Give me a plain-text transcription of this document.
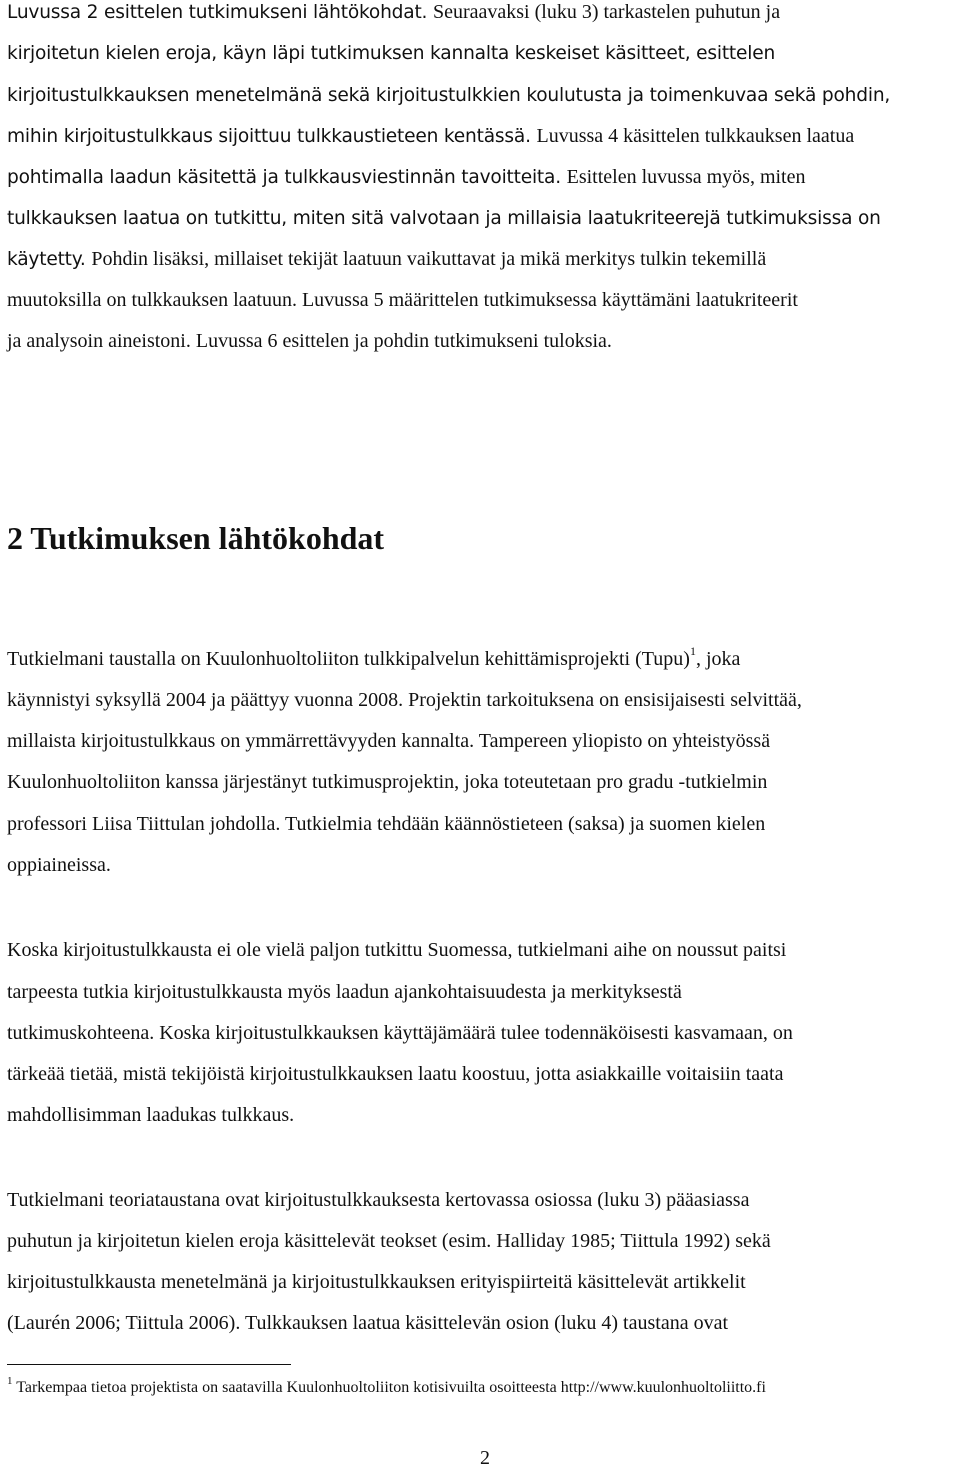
Luvussa 2 esittelen tutkimukseni lähtökohdat. Seuraavaksi (luku 3) tarkastelen puhutun ja
kirjoitetun kielen eroja, käyn läpi tutkimuksen kannalta keskeiset käsitteet, esittelen
kirjoitustulkkauksen menetelmänä sekä kirjoitustulkkien koulutusta ja toimenkuvaa sekä pohdin,
mihin kirjoitustulkkaus sijoittuu tulkkaustieteen kentässä. Luvussa 4 käsittelen tulkkauksen laatua
pohtimalla laadun käsitettä ja tulkkausviestinnän tavoitteita. Esittelen luvussa myös, miten
tulkkauksen laatua on tutkittu, miten sitä valvotaan ja millaisia laatukriteerejä tutkimuksissa on
käytetty. Pohdin lisäksi, millaiset tekijät laatuun vaikuttavat ja mikä merkitys tulkin tekemillä
muutoksilla on tulkkauksen laatuun. Luvussa 5 määrittelen tutkimuksessa käyttämäni laatukriteerit
ja analysoin aineistoni. Luvussa 6 esittelen ja pohdin tutkimukseni tuloksia.
2 Tutkimuksen lähtökohdat
Tutkielmani taustalla on Kuulonhuoltoliiton tulkkipalvelun kehittämisprojekti (Tupu)$^1$, joka
käynnistyi syksyllä 2004 ja päättyy vuonna 2008. Projektin tarkoituksena on ensisijaisesti selvittää,
millaista kirjoitustulkkaus on ymmärrettävyyden kannalta. Tampereen yliopisto on yhteistyössä
Kuulonhuoltoliiton kanssa järjestänyt tutkimusprojektin, joka toteutetaan pro gradu -tutkielmin
professori Liisa Tiittulan johdolla. Tutkielmia tehdään käännöstieteen (saksa) ja suomen kielen
oppiaineissa.
Koska kirjoitustulkkausta ei ole vielä paljon tutkittu Suomessa, tutkielmani aihe on noussut paitsi
tarpeesta tutkia kirjoitustulkkausta myös laadun ajankohtaisuudesta ja merkityksestä
tutkimuskohteena. Koska kirjoitustulkkauksen käyttäjämäärä tulee todennäköisesti kasvamaan, on
tärkeää tietää, mistä tekijöistä kirjoitustulkkauksen laatu koostuu, jotta asiakkaille voitaisiin taata
mahdollisimman laadukas tulkkaus.
Tutkielmani teoriataustana ovat kirjoitustulkkauksesta kertovassa osiossa (luku 3) pääasiassa
puhutun ja kirjoitetun kielen eroja käsittelevät teokset (esim. Halliday 1985; Tiittula 1992) sekä
kirjoitustulkkausta menetelmänä ja kirjoitustulkkauksen erityispiirteitä käsittelevät artikkelit
(Laurén 2006; Tiittula 2006). Tulkkauksen laatua käsittelevän osion (luku 4) taustana ovat
$^1$ Tarkempaa tietoa projektista on saatavilla Kuulonhuoltoliiton kotisivuilta osoitteesta http://www.kuulonhuoltoliitto.fi
2
